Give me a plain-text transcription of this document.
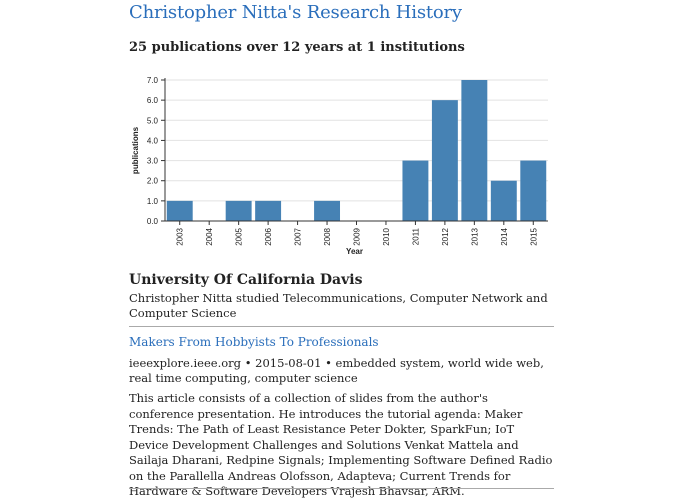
Christopher Nitta's Research History
25 publications over 12 years at 1 institutions
University Of California Davis

Christopher Nitta studied Telecommunications, Computer Network and Computer Science

Makers From Hobbyists To Professionals

ieeexplore.ieee.org • 2015-08-01 • embedded system, world wide web, real time computing, computer science

This article consists of a collection of slides from the author's conference presentation. He introduces the tutorial agenda: Maker Trends: The Path of Least Resistance Peter Dokter, SparkFun; IoT Device Development Challenges and Solutions Venkat Mattela and Sailaja Dharani, Redpine Signals; Implementing Software Defined Radio on the Parallella Andreas Olofsson, Adapteva; Current Trends for Hardware & Software Developers Vrajesh Bhavsar, ARM.

0.0
1.0
2.0
3.0
4.0
5.0
6.0
7.0
2003	2004	2005	2006	2007	2008	2009	2010	2011	2012	2013	2014	2015
publications
Year
